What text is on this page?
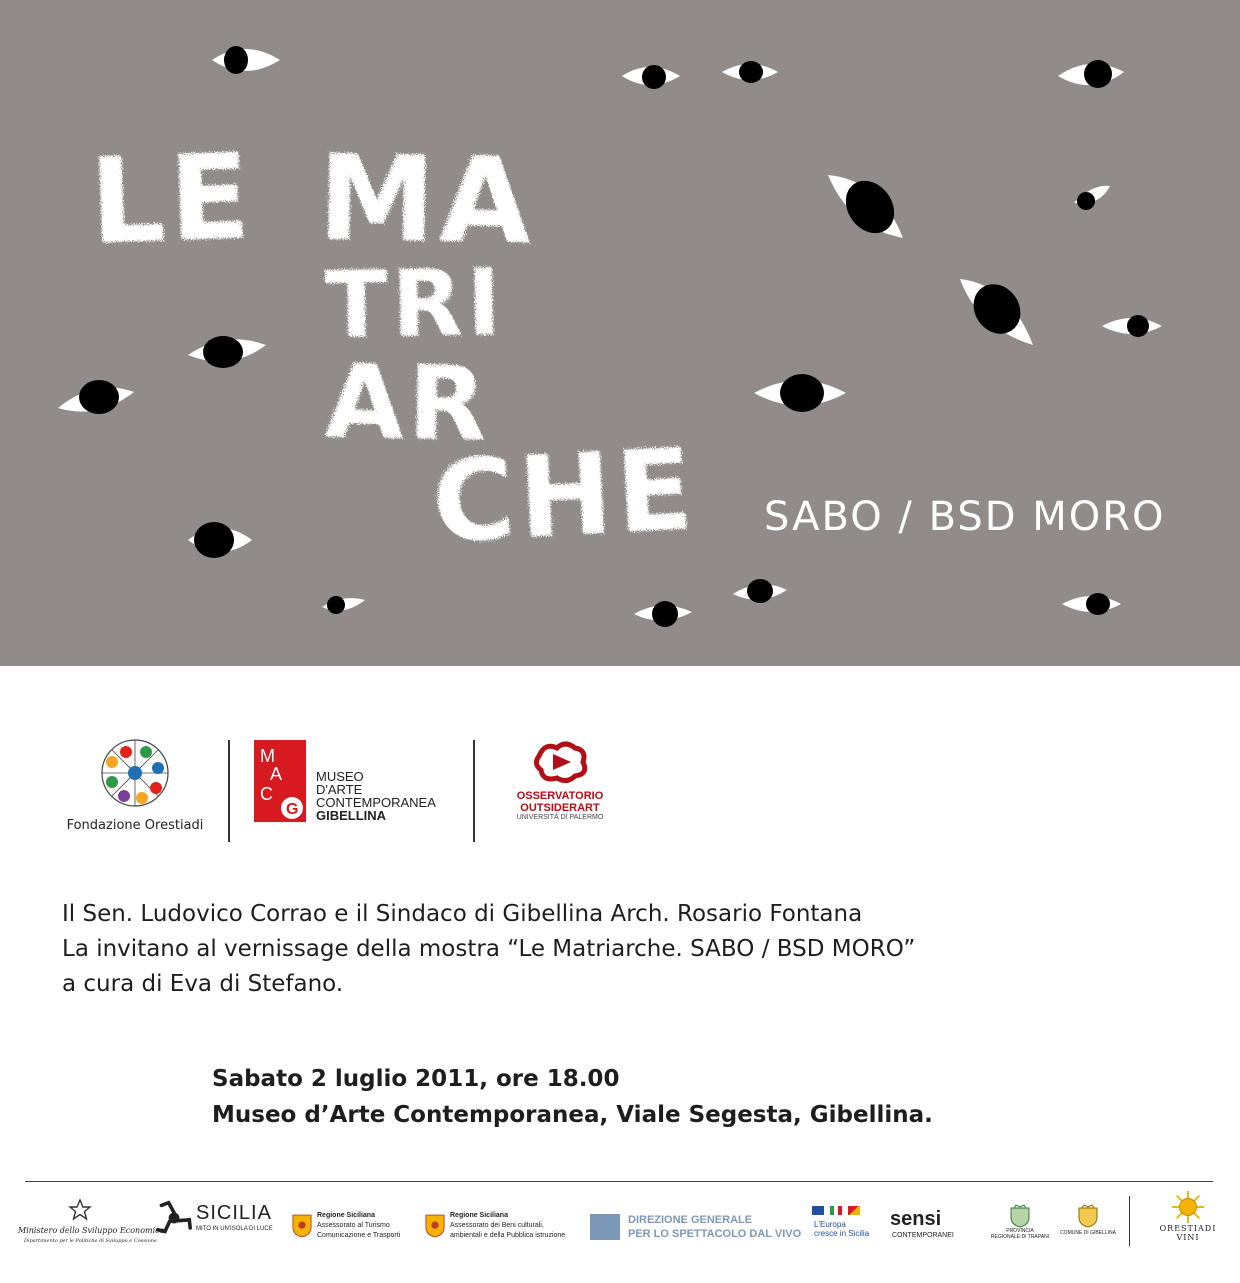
LE MA
TRI
AR
CHE SABO / BSD MORO
Fondazione Orestiadi
M
A
C
G
MUSEO
D'ARTE
CONTEMPORANEA
GIBELLINA
OSSERVATORIO
OUTSIDERART
UNIVERSITÀ DI PALERMO

Il Sen. Ludovico Corrao e il Sindaco di Gibellina Arch. Rosario Fontana

La invitano al vernissage della mostra “Le Matriarche. SABO / BSD MORO”

a cura di Eva di Stefano.

Sabato 2 luglio 2011, ore 18.00

Museo d’Arte Contemporanea, Viale Segesta, Gibellina.

Ministero dello Sviluppo Economico
Dipartimento per le Politiche di Sviluppo e Coesione
SICILIA
MITO IN UN'ISOLA DI LUCE
Regione Siciliana
Assessorato al Turismo
Comunicazione e Trasporti
Regione Siciliana
Assessorato dei Beni culturali,
ambientali e della Pubblica istruzione
DIREZIONE GENERALE
PER LO SPETTACOLO DAL VIVO
L'Europa
cresce in Sicilia
sensi
CONTEMPORANEI
PROVINCIA
REGIONALE DI TRAPANI
COMUNE DI GIBELLINA	ORESTIADI
VINI
